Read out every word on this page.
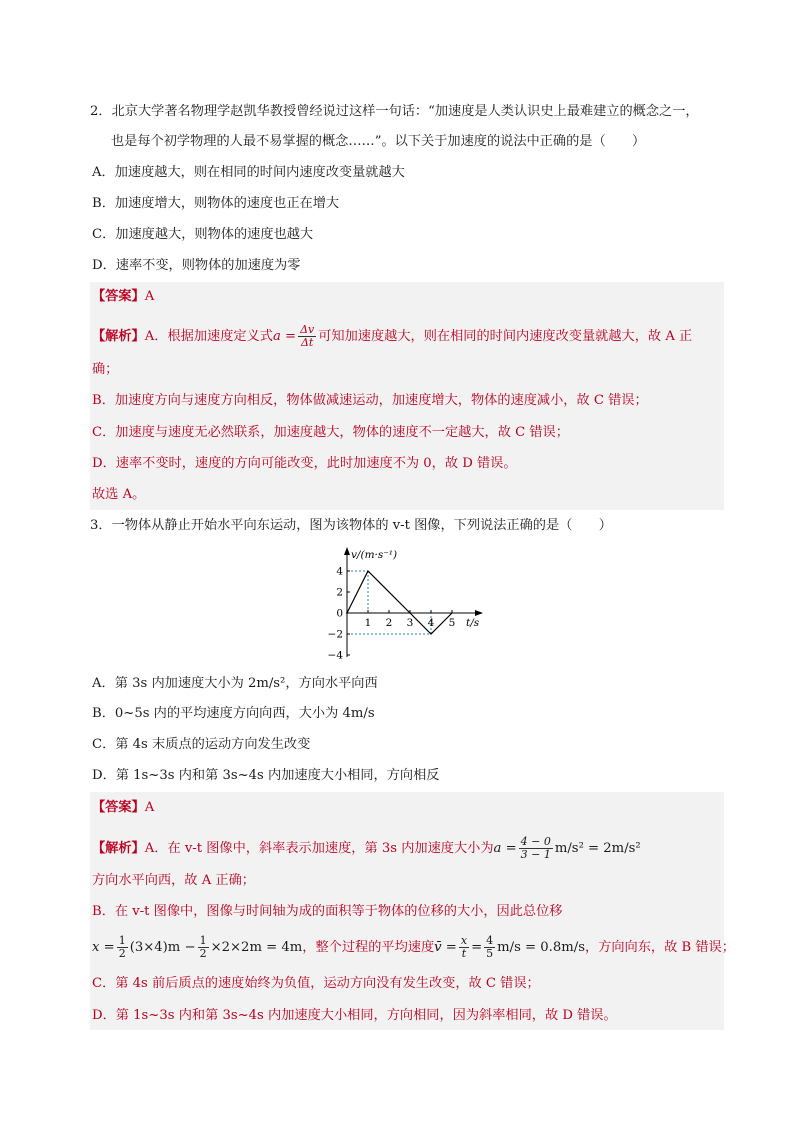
2．北京大学著名物理学赵凯华教授曾经说过这样一句话：“加速度是人类认识史上最难建立的概念之一，
也是每个初学物理的人最不易掌握的概念……”。以下关于加速度的说法中正确的是（　　）
A．加速度越大，则在相同的时间内速度改变量就越大
B．加速度增大，则物体的速度也正在增大
C．加速度越大，则物体的速度也越大
D．速率不变，则物体的加速度为零
【答案】A
【解析】A．根据加速度定义式$a = \frac{\Delta v}{\Delta t}$ 可知加速度越大，则在相同的时间内速度改变量就越大，故 A 正
确；
B．加速度方向与速度方向相反，物体做减速运动，加速度增大，物体的速度减小，故 C 错误；
C．加速度与速度无必然联系，加速度越大，物体的速度不一定越大，故 C 错误；
D．速率不变时，速度的方向可能改变，此时加速度不为 0，故 D 错误。
故选 A。
3．一物体从静止开始水平向东运动，图为该物体的 v-t 图像，下列说法正确的是（　　）
v/(m·s⁻¹)
t/s
4
2
0
−2
−4
1 2 3 4 5
A．第 3s 内加速度大小为 2m/s²，方向水平向西
B．0~5s 内的平均速度方向向西，大小为 4m/s
C．第 4s 末质点的运动方向发生改变
D．第 1s~3s 内和第 3s~4s 内加速度大小相同，方向相反
【答案】A
【解析】A．在 v-t 图像中，斜率表示加速度，第 3s 内加速度大小为$a = \frac{4 - 0}{3 - 1} m/s^2 = 2m/s^2$
方向水平向西，故 A 正确；
B．在 v-t 图像中，图像与时间轴为成的面积等于物体的位移的大小，因此总位移
$x = \frac{1}{2} (3\times 4)m - \frac{1}{2} \times 2\times 2m = 4m$，整个过程的平均速度v̄ = $\frac{x}{t} = \frac{4}{5} m/s = 0.8m/s$，方向向东，故 B 错误；
C．第 4s 前后质点的速度始终为负值，运动方向没有发生改变，故 C 错误；
D．第 1s~3s 内和第 3s~4s 内加速度大小相同，方向相同，因为斜率相同，故 D 错误。
